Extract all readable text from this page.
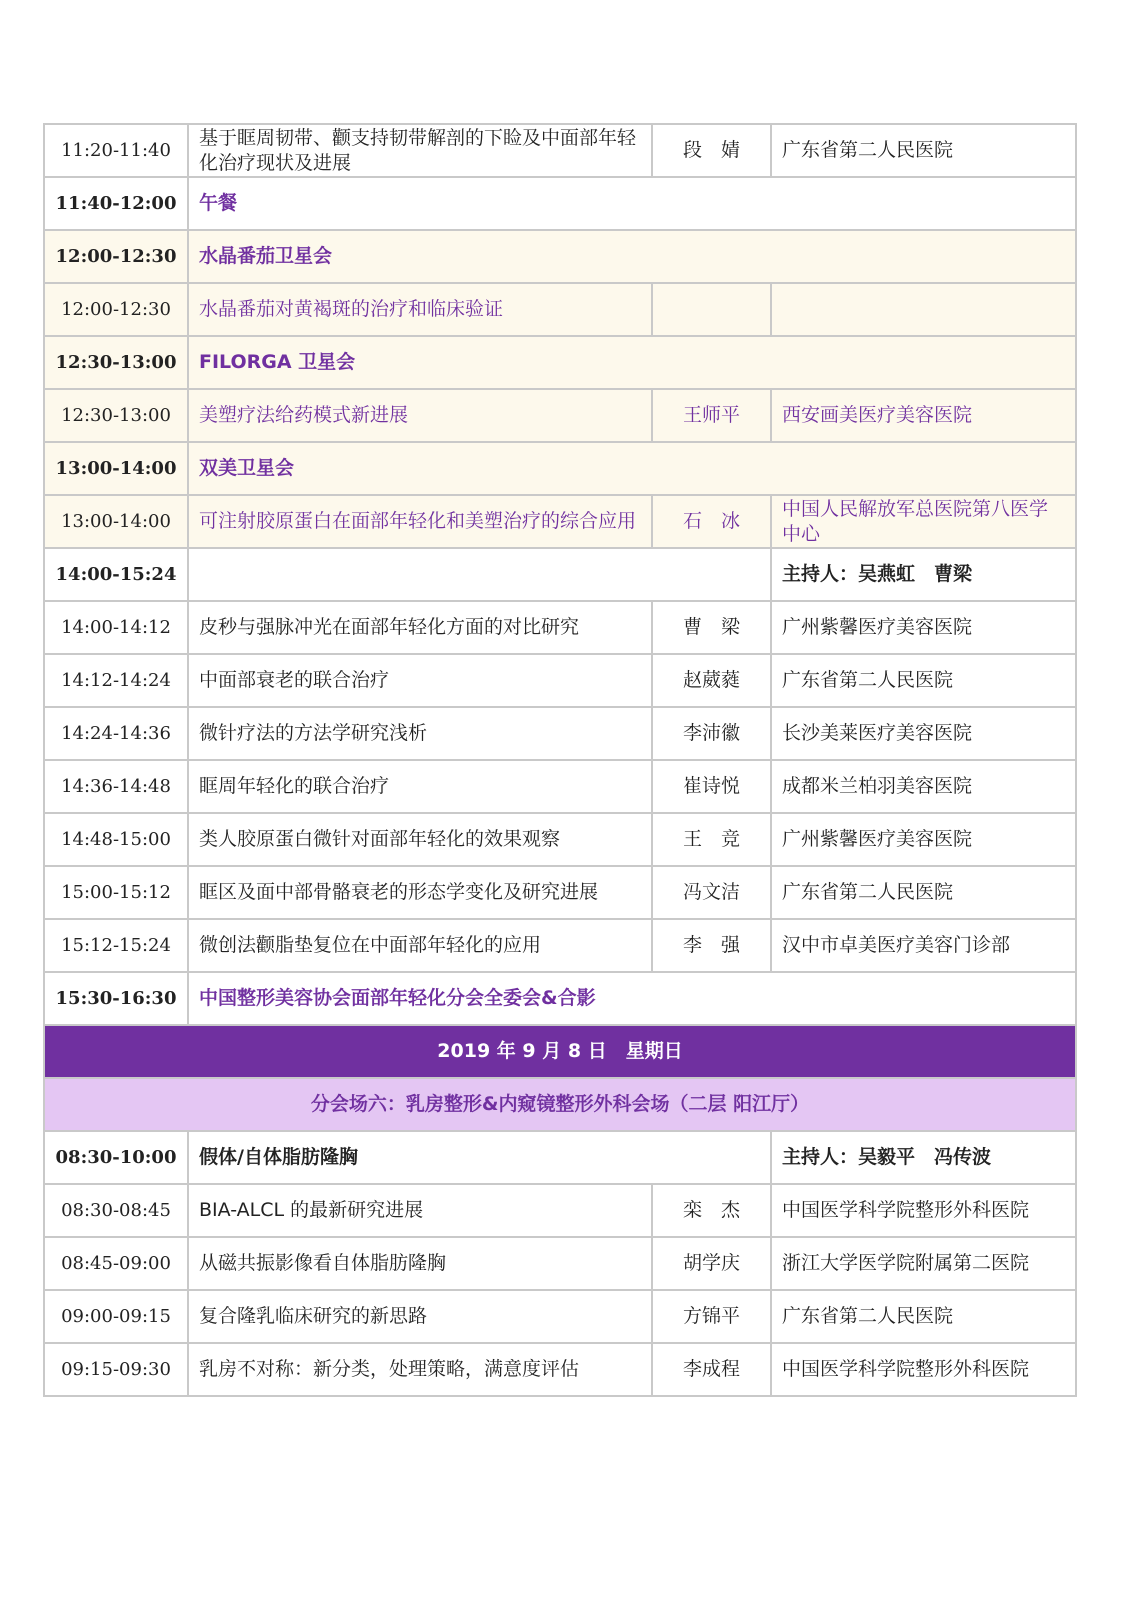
11:20-11:40	基于眶周韧带、颧支持韧带解剖的下睑及中面部年轻化治疗现状及进展	段　婧	广东省第二人民医院
11:40-12:00	午餐		
12:00-12:30	水晶番茄卫星会		
12:00-12:30	水晶番茄对黄褐斑的治疗和临床验证		
12:30-13:00	FILORGA 卫星会		
12:30-13:00	美塑疗法给药模式新进展	王师平	西安画美医疗美容医院
13:00-14:00	双美卫星会		
13:00-14:00	可注射胶原蛋白在面部年轻化和美塑治疗的综合应用	石　冰	中国人民解放军总医院第八医学中心
14:00-15:24			主持人：吴燕虹　曹梁
14:00-14:12	皮秒与强脉冲光在面部年轻化方面的对比研究	曹　梁	广州紫馨医疗美容医院
14:12-14:24	中面部衰老的联合治疗	赵葳蕤	广东省第二人民医院
14:24-14:36	微针疗法的方法学研究浅析	李沛徽	长沙美莱医疗美容医院
14:36-14:48	眶周年轻化的联合治疗	崔诗悦	成都米兰柏羽美容医院
14:48-15:00	类人胶原蛋白微针对面部年轻化的效果观察	王　竞	广州紫馨医疗美容医院
15:00-15:12	眶区及面中部骨骼衰老的形态学变化及研究进展	冯文洁	广东省第二人民医院
15:12-15:24	微创法颧脂垫复位在中面部年轻化的应用	李　强	汉中市卓美医疗美容门诊部
15:30-16:30	中国整形美容协会面部年轻化分会全委会&合影		
2019 年 9 月 8 日　星期日			
分会场六：乳房整形&内窥镜整形外科会场（二层 阳江厅）			
08:30-10:00	假体/自体脂肪隆胸		主持人：吴毅平　冯传波
08:30-08:45	BIA-ALCL 的最新研究进展	栾　杰	中国医学科学院整形外科医院
08:45-09:00	从磁共振影像看自体脂肪隆胸	胡学庆	浙江大学医学院附属第二医院
09:00-09:15	复合隆乳临床研究的新思路	方锦平	广东省第二人民医院
09:15-09:30	乳房不对称：新分类，处理策略，满意度评估	李成程	中国医学科学院整形外科医院
